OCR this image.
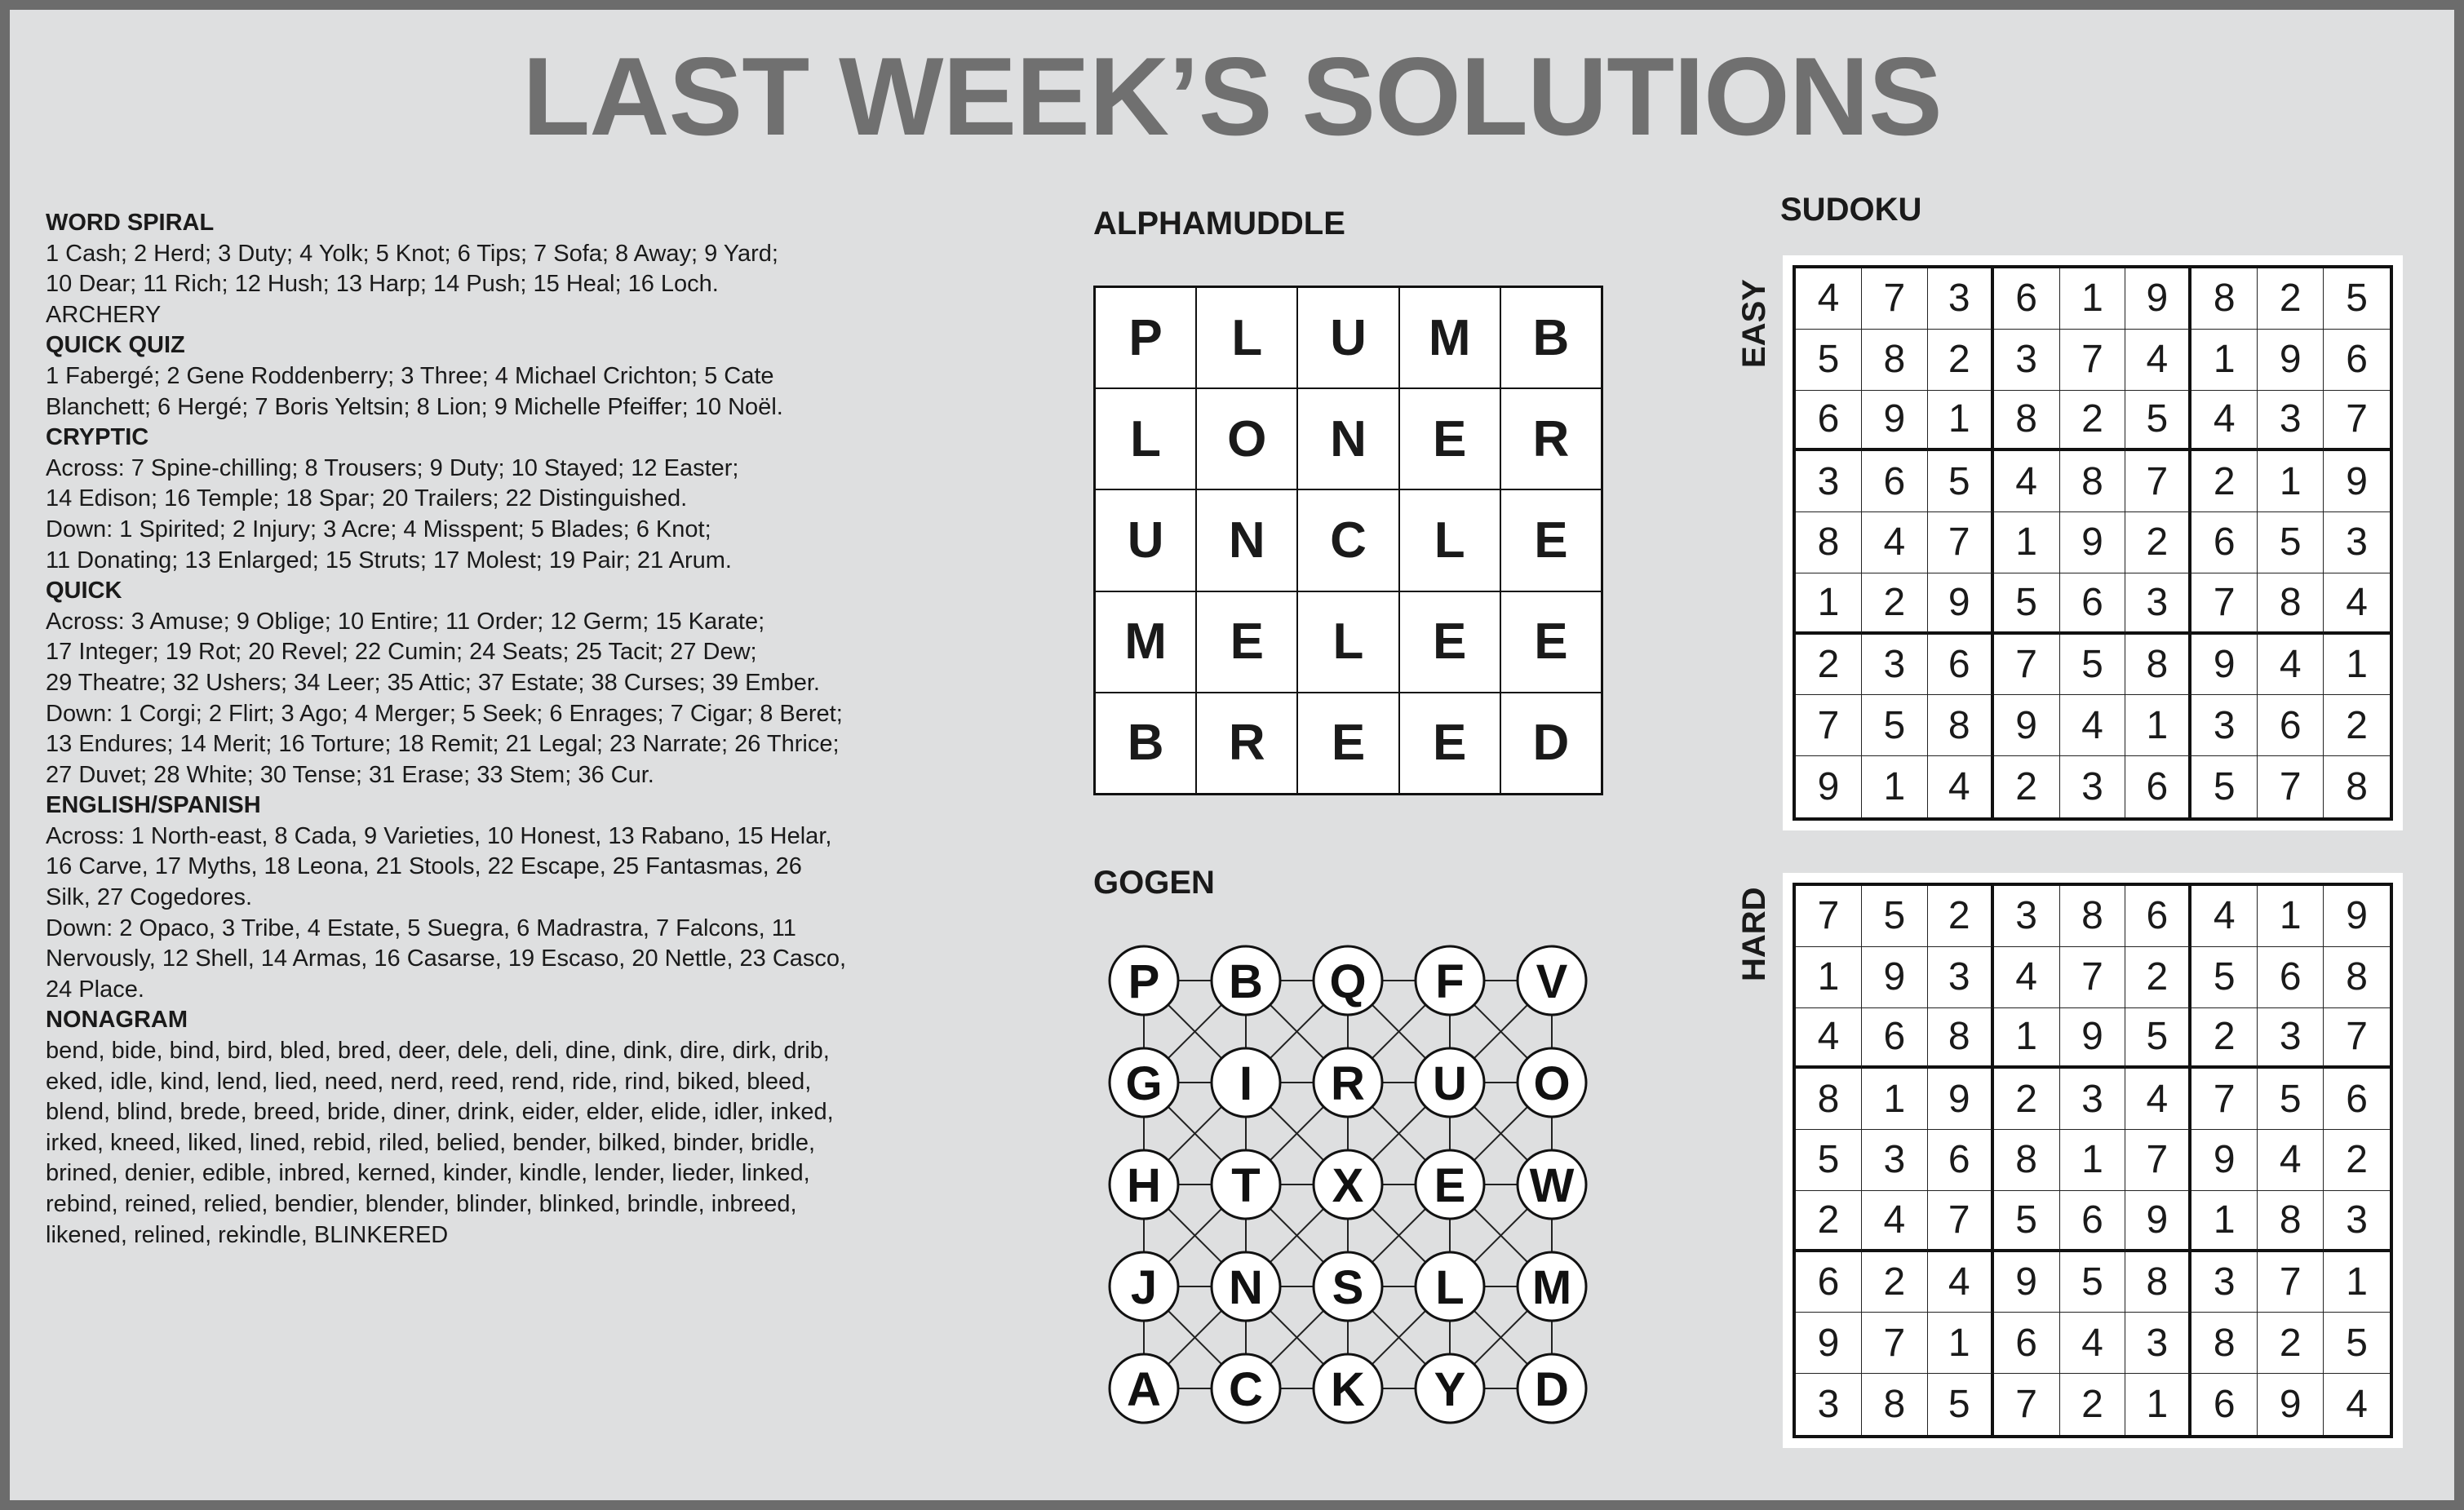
LAST WEEK’S SOLUTIONS
WORD SPIRAL
1 Cash; 2 Herd; 3 Duty; 4 Yolk; 5 Knot; 6 Tips; 7 Sofa; 8 Away; 9 Yard;
10 Dear; 11 Rich; 12 Hush; 13 Harp; 14 Push; 15 Heal; 16 Loch.
ARCHERY
QUICK QUIZ
1 Fabergé; 2 Gene Roddenberry; 3 Three; 4 Michael Crichton; 5 Cate
Blanchett; 6 Hergé; 7 Boris Yeltsin; 8 Lion; 9 Michelle Pfeiffer; 10 Noël.
CRYPTIC
Across: 7 Spine-chilling; 8 Trousers; 9 Duty; 10 Stayed; 12 Easter;
14 Edison; 16 Temple; 18 Spar; 20 Trailers; 22 Distinguished.
Down: 1 Spirited; 2 Injury; 3 Acre; 4 Misspent; 5 Blades; 6 Knot;
11 Donating; 13 Enlarged; 15 Struts; 17 Molest; 19 Pair; 21 Arum.
QUICK
Across: 3 Amuse; 9 Oblige; 10 Entire; 11 Order; 12 Germ; 15 Karate;
17 Integer; 19 Rot; 20 Revel; 22 Cumin; 24 Seats; 25 Tacit; 27 Dew;
29 Theatre; 32 Ushers; 34 Leer; 35 Attic; 37 Estate; 38 Curses; 39 Ember.
Down: 1 Corgi; 2 Flirt; 3 Ago; 4 Merger; 5 Seek; 6 Enrages; 7 Cigar; 8 Beret;
13 Endures; 14 Merit; 16 Torture; 18 Remit; 21 Legal; 23 Narrate; 26 Thrice;
27 Duvet; 28 White; 30 Tense; 31 Erase; 33 Stem; 36 Cur.
ENGLISH/SPANISH
Across: 1 North-east, 8 Cada, 9 Varieties, 10 Honest, 13 Rabano, 15 Helar,
16 Carve, 17 Myths, 18 Leona, 21 Stools, 22 Escape, 25 Fantasmas, 26
Silk, 27 Cogedores.
Down: 2 Opaco, 3 Tribe, 4 Estate, 5 Suegra, 6 Madrastra, 7 Falcons, 11
Nervously, 12 Shell, 14 Armas, 16 Casarse, 19 Escaso, 20 Nettle, 23 Casco,
24 Place.
NONAGRAM
bend, bide, bind, bird, bled, bred, deer, dele, deli, dine, dink, dire, dirk, drib,
eked, idle, kind, lend, lied, need, nerd, reed, rend, ride, rind, biked, bleed,
blend, blind, brede, breed, bride, diner, drink, eider, elder, elide, idler, inked,
irked, kneed, liked, lined, rebid, riled, belied, bender, bilked, binder, bridle,
brined, denier, edible, inbred, kerned, kinder, kindle, lender, lieder, linked,
rebind, reined, relied, bendier, blender, blinder, blinked, brindle, inbreed,
likened, relined, rekindle, BLINKERED
ALPHAMUDDLE
P	L	U	M	B
L	O	N	E	R
U	N	C	L	E
M	E	L	E	E
B	R	E	E	D
GOGEN
P B Q F V
G I R U O
H T X E W
J N S L M
A C K Y D
SUDOKU
EASY	4	7	3	6	1	9	8	2	5
5	8	2	3	7	4	1	9	6
6	9	1	8	2	5	4	3	7
3	6	5	4	8	7	2	1	9
8	4	7	1	9	2	6	5	3
1	2	9	5	6	3	7	8	4
2	3	6	7	5	8	9	4	1
7	5	8	9	4	1	3	6	2
9	1	4	2	3	6	5	7	8
HARD	7	5	2	3	8	6	4	1	9
1	9	3	4	7	2	5	6	8
4	6	8	1	9	5	2	3	7
8	1	9	2	3	4	7	5	6
5	3	6	8	1	7	9	4	2
2	4	7	5	6	9	1	8	3
6	2	4	9	5	8	3	7	1
9	7	1	6	4	3	8	2	5
3	8	5	7	2	1	6	9	4
